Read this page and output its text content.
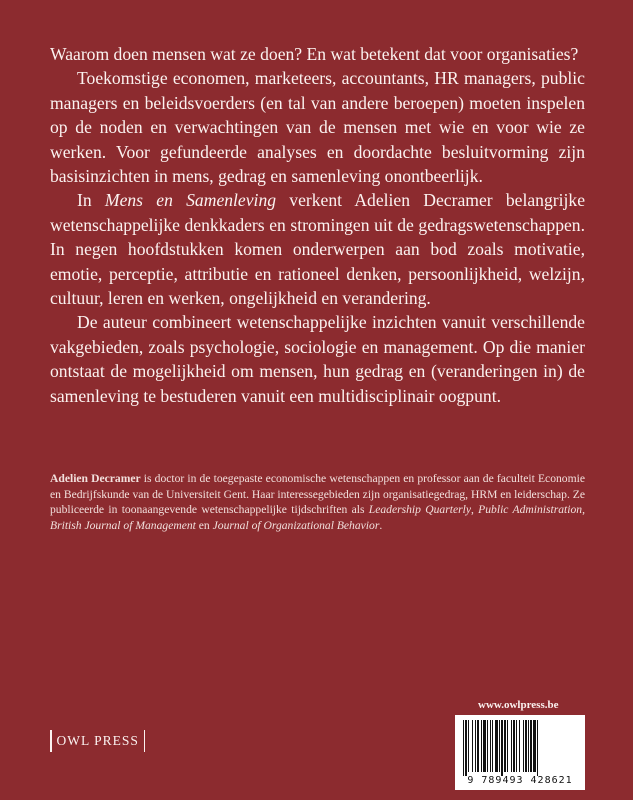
Waarom doen mensen wat ze doen? En wat betekent dat voor organisaties?

Toekomstige economen, marketeers, accountants, HR managers, public managers en beleidsvoerders (en tal van andere beroepen) moeten inspelen op de noden en verwachtingen van de mensen met wie en voor wie ze werken. Voor gefundeerde analyses en doordachte besluitvorming zijn basisinzichten in mens, gedrag en samenleving onontbeerlijk.

In Mens en Samenleving verkent Adelien Decramer belangrijke wetenschappelijke denkkaders en stromingen uit de gedragswetenschappen. In negen hoofdstukken komen onderwerpen aan bod zoals motivatie, emotie, perceptie, attributie en rationeel denken, persoonlijkheid, welzijn, cultuur, leren en werken, ongelijkheid en verandering.

De auteur combineert wetenschappelijke inzichten vanuit verschillende vakgebieden, zoals psychologie, sociologie en management. Op die manier ontstaat de mogelijkheid om mensen, hun gedrag en (veranderingen in) de samenleving te bestuderen vanuit een multidisciplinair oogpunt.

Adelien Decramer is doctor in de toegepaste economische wetenschappen en professor aan de faculteit Economie en Bedrijfskunde van de Universiteit Gent. Haar interessegebieden zijn organisatiegedrag, HRM en leiderschap. Ze publiceerde in toonaangevende wetenschappelijke tijdschriften als Leadership Quarterly, Public Administration, British Journal of Management en Journal of Organizational Behavior.
www.owlpress.be
OWL PRESS
9 789493 428621
